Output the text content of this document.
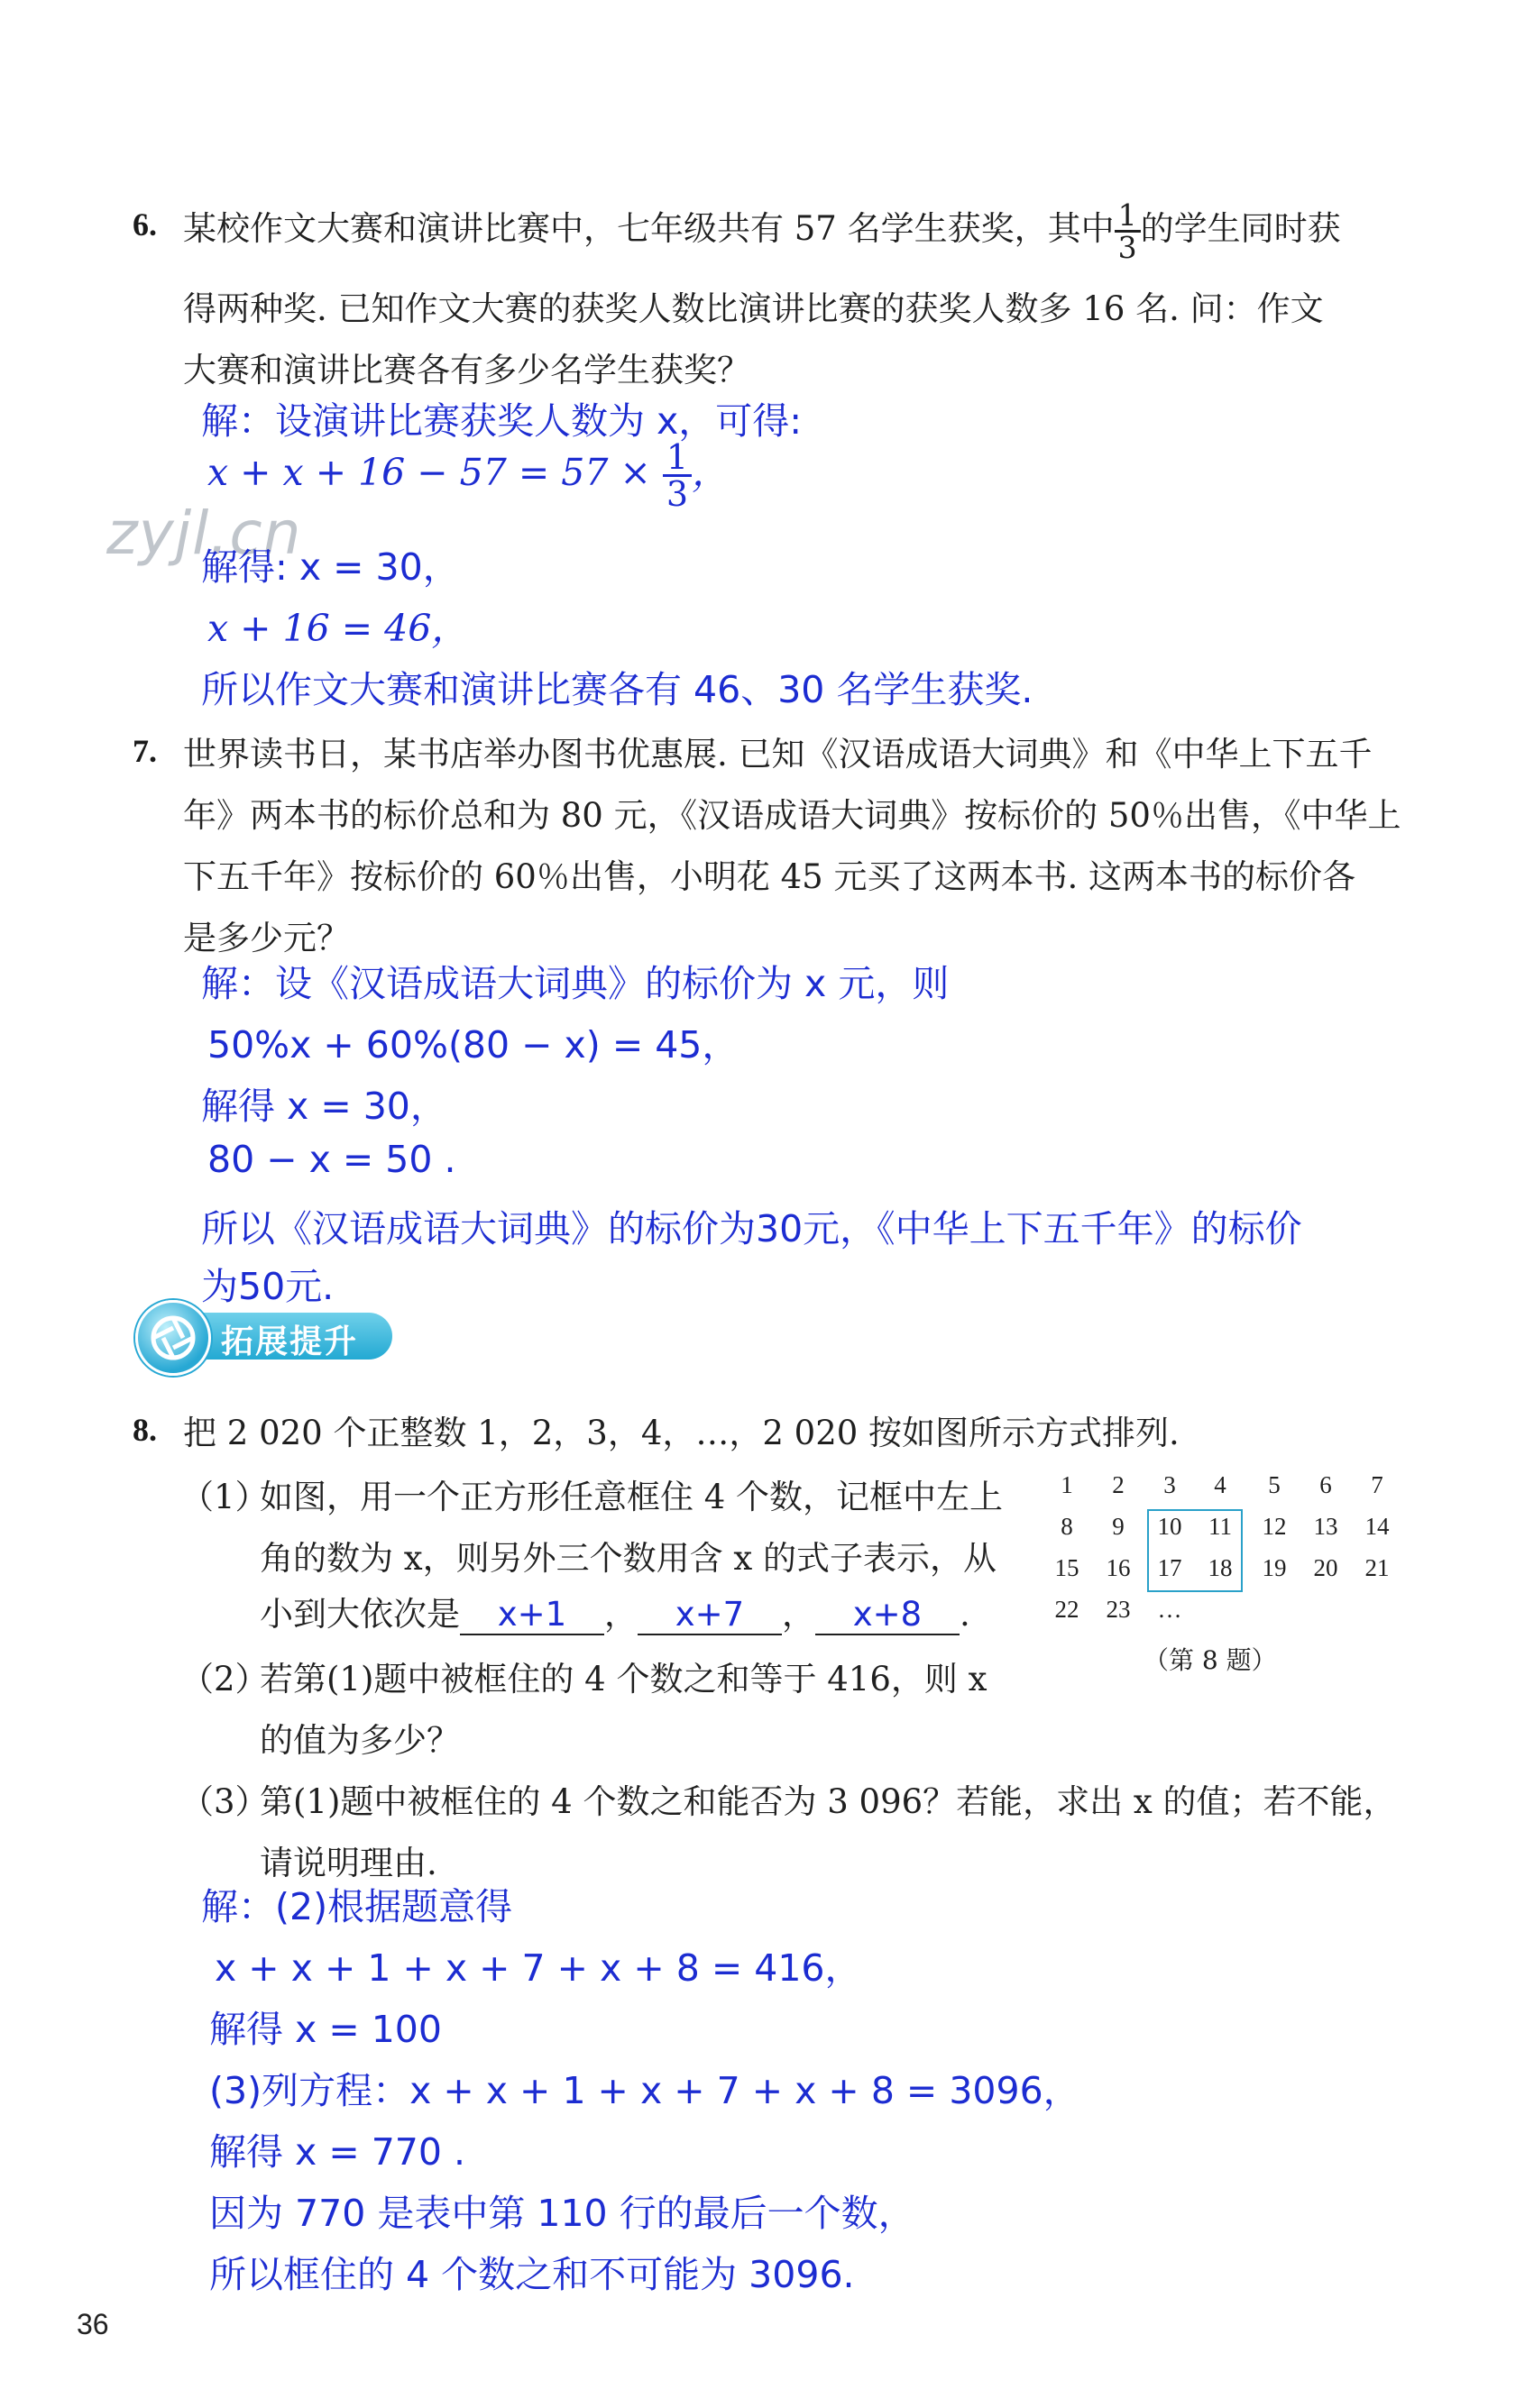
zyjl.cn
6. 某校作文大赛和演讲比赛中，七年级共有 57 名学生获奖，其中 $\frac{1}{3}$ 的学生同时获
得两种奖. 已知作文大赛的获奖人数比演讲比赛的获奖人数多 16 名. 问：作文
大赛和演讲比赛各有多少名学生获奖？
解：设演讲比赛获奖人数为 x，可得:
$x + x + 16 - 57 = 57 \times \frac{1}{3}$ ，
解得: x = 30，
x + 16 = 46，
所以作文大赛和演讲比赛各有 46、30 名学生获奖.
7. 世界读书日，某书店举办图书优惠展. 已知《汉语成语大词典》和《中华上下五千
年》两本书的标价总和为 80 元，《汉语成语大词典》按标价的 50％出售，《中华上
下五千年》按标价的 60％出售，小明花 45 元买了这两本书. 这两本书的标价各
是多少元？
解：设《汉语成语大词典》的标价为 x 元，则
50%x + 60%(80 − x) = 45，
解得 x = 30，
80 − x = 50 .
所以《汉语成语大词典》的标价为30元，《中华上下五千年》的标价
为50元.
拓展提升
8. 把 2 020 个正整数 1，2，3，4，…，2 020 按如图所示方式排列.
（1）
如图，用一个正方形任意框住 4 个数，记框中左上
角的数为 x，则另外三个数用含 x 的式子表示，从
小到大依次是 x+1 ， x+7 ， x+8 .
（2）
若第(1)题中被框住的 4 个数之和等于 416，则 x
的值为多少？
（3）
第(1)题中被框住的 4 个数之和能否为 3 096？若能，求出 x 的值；若不能，
请说明理由.
1	2	3	4	5	6	7
8	9	10	11	12	13	14
15	16	17	18	19	20	21
22	23	…
（第 8 题）
解：(2)根据题意得
x + x + 1 + x + 7 + x + 8 = 416，
解得 x = 100
(3)列方程：x + x + 1 + x + 7 + x + 8 = 3096，
解得 x = 770 .
因为 770 是表中第 110 行的最后一个数，
所以框住的 4 个数之和不可能为 3096.
36
